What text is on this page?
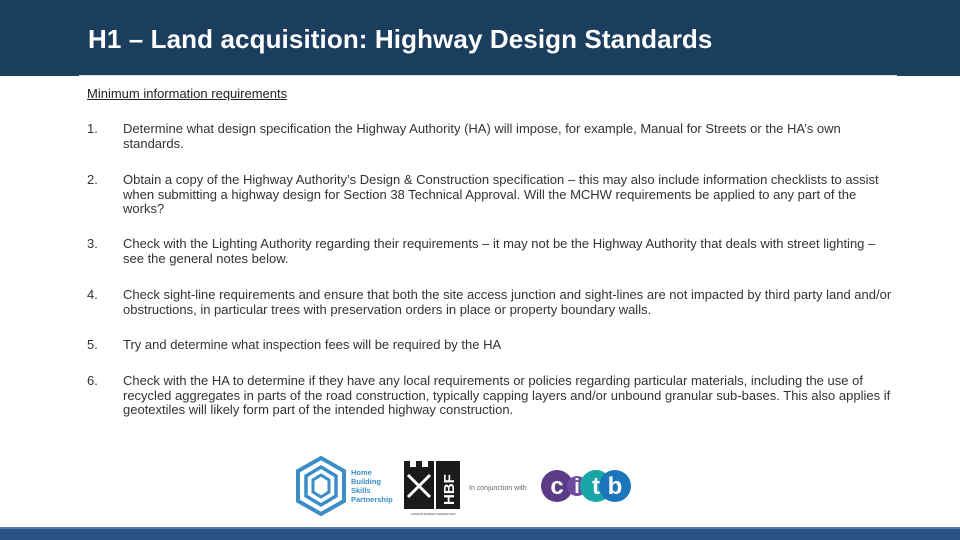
H1 – Land acquisition: Highway Design Standards
Minimum information requirements
1. Determine what design specification the Highway Authority (HA) will impose, for example, Manual for Streets or the HA’s own standards.
2. Obtain a copy of the Highway Authority’s Design & Construction specification – this may also include information checklists to assist when submitting a highway design for Section 38 Technical Approval. Will the MCHW requirements be applied to any part of the works?
3. Check with the Lighting Authority regarding their requirements – it may not be the Highway Authority that deals with street lighting – see the general notes below.
4. Check sight-line requirements and ensure that both the site access junction and sight-lines are not impacted by third party land and/or obstructions, in particular trees with preservation orders in place or property boundary walls.
5. Try and determine what inspection fees will be required by the HA
6. Check with the HA to determine if they have any local requirements or policies regarding particular materials, including the use of recycled aggregates in parts of the road construction, typically capping layers and/or unbound granular sub-bases. This also applies if geotextiles will likely form part of the intended highway construction.
Home
Building
Skills
Partnership	HBF
HOME BUILDERS FEDERATION
In conjunction with c i t b
